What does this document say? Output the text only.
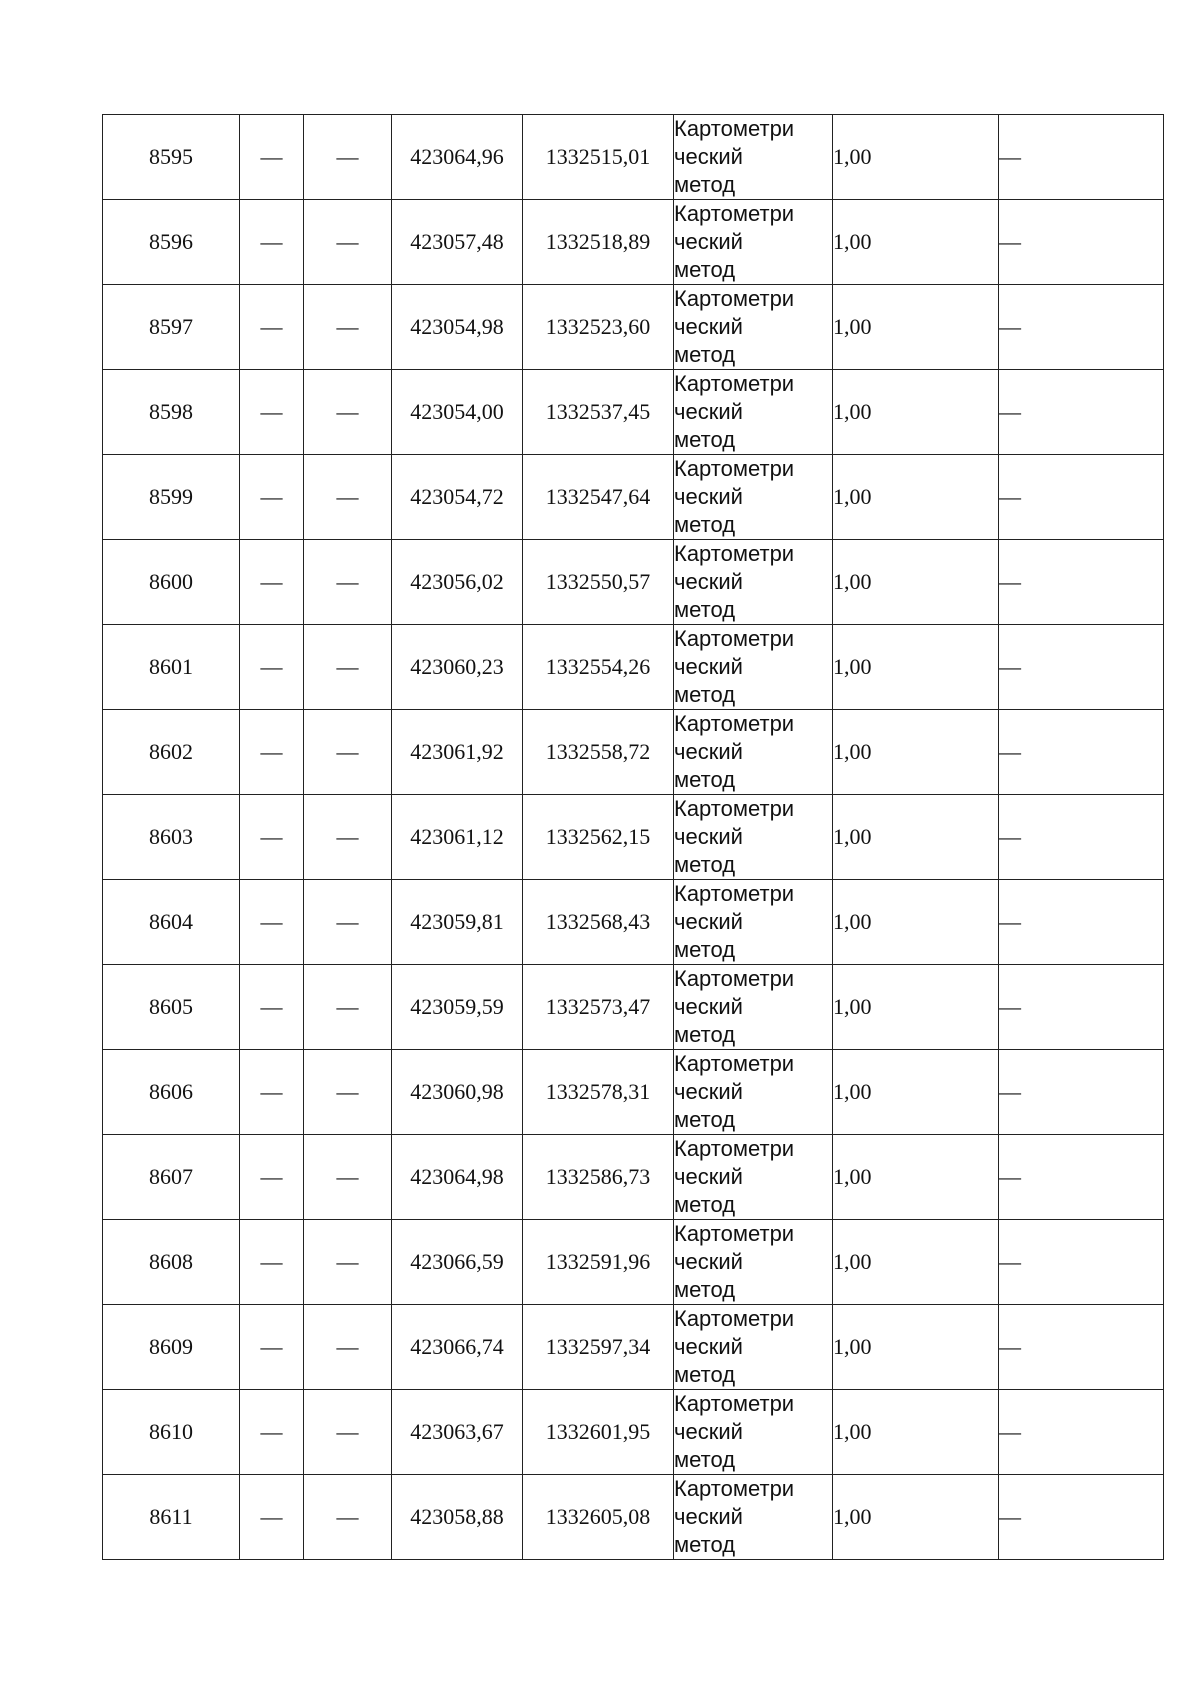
8595	—	—	423064,96	1332515,01	Картометри
ческий
метод	1,00	—
8596	—	—	423057,48	1332518,89	Картометри
ческий
метод	1,00	—
8597	—	—	423054,98	1332523,60	Картометри
ческий
метод	1,00	—
8598	—	—	423054,00	1332537,45	Картометри
ческий
метод	1,00	—
8599	—	—	423054,72	1332547,64	Картометри
ческий
метод	1,00	—
8600	—	—	423056,02	1332550,57	Картометри
ческий
метод	1,00	—
8601	—	—	423060,23	1332554,26	Картометри
ческий
метод	1,00	—
8602	—	—	423061,92	1332558,72	Картометри
ческий
метод	1,00	—
8603	—	—	423061,12	1332562,15	Картометри
ческий
метод	1,00	—
8604	—	—	423059,81	1332568,43	Картометри
ческий
метод	1,00	—
8605	—	—	423059,59	1332573,47	Картометри
ческий
метод	1,00	—
8606	—	—	423060,98	1332578,31	Картометри
ческий
метод	1,00	—
8607	—	—	423064,98	1332586,73	Картометри
ческий
метод	1,00	—
8608	—	—	423066,59	1332591,96	Картометри
ческий
метод	1,00	—
8609	—	—	423066,74	1332597,34	Картометри
ческий
метод	1,00	—
8610	—	—	423063,67	1332601,95	Картометри
ческий
метод	1,00	—
8611	—	—	423058,88	1332605,08	Картометри
ческий
метод	1,00	—
